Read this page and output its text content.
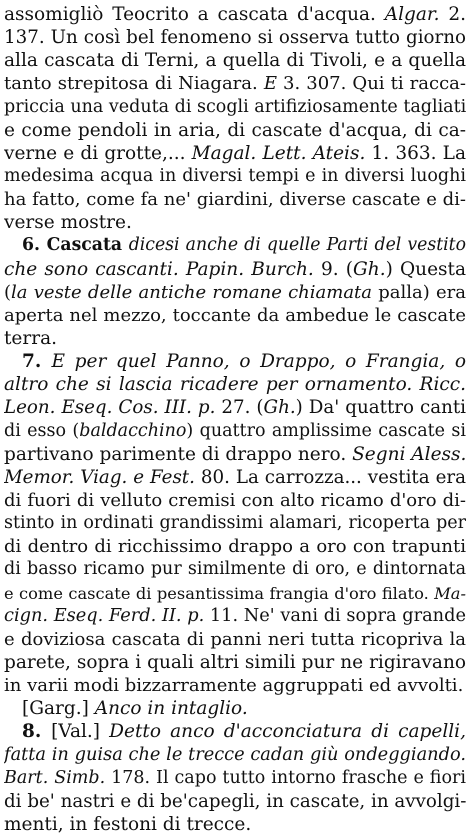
assomigliò Teocrito a cascata d'acqua. Algar. 2.
137. Un così bel fenomeno si osserva tutto giorno
alla cascata di Terni, a quella di Tivoli, e a quella
tanto strepitosa di Niagara. E 3. 307. Qui ti racca-
priccia una veduta di scogli artifiziosamente tagliati
e come pendoli in aria, di cascate d'acqua, di ca-
verne e di grotte,... Magal. Lett. Ateis. 1. 363. La
medesima acqua in diversi tempi e in diversi luoghi
ha fatto, come fa ne' giardini, diverse cascate e di-
verse mostre.
6. Cascata dicesi anche di quelle Parti del vestito
che sono cascanti. Papin. Burch. 9. (Gh.) Questa
(la veste delle antiche romane chiamata palla) era
aperta nel mezzo, toccante da ambedue le cascate
terra.
7. E per quel Panno, o Drappo, o Frangia, o
altro che si lascia ricadere per ornamento. Ricc.
Leon. Eseq. Cos. III. p. 27. (Gh.) Da' quattro canti
di esso (baldacchino) quattro amplissime cascate si
partivano parimente di drappo nero. Segni Aless.
Memor. Viag. e Fest. 80. La carrozza... vestita era
di fuori di velluto cremisi con alto ricamo d'oro di-
stinto in ordinati grandissimi alamari, ricoperta per
di dentro di ricchissimo drappo a oro con trapunti
di basso ricamo pur similmente di oro, e dintornata
e come cascate di pesantissima frangia d'oro filato. Ma-
cign. Eseq. Ferd. II. p. 11. Ne' vani di sopra grande
e doviziosa cascata di panni neri tutta ricopriva la
parete, sopra i quali altri simili pur ne rigiravano
in varii modi bizzarramente aggruppati ed avvolti.
[Garg.] Anco in intaglio.
8. [Val.] Detto anco d'acconciatura di capelli,
fatta in guisa che le trecce cadan giù ondeggiando.
Bart. Simb. 178. Il capo tutto intorno frasche e fiori
di be' nastri e di be'capegli, in cascate, in avvolgi-
menti, in festoni di trecce.
